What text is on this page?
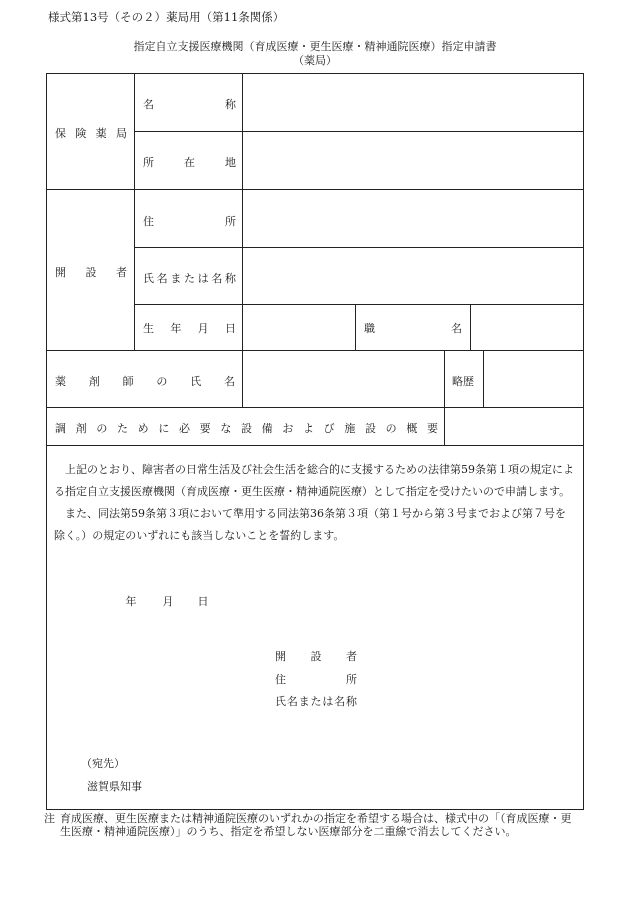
様式第13号（その２）薬局用（第11条関係）
指定自立支援医療機関（育成医療・更生医療・精神通院医療）指定申請書
（薬局）
保険薬局
名称
所在地
開設者
住所
氏名または名称
生年月日	職名
薬剤師の氏名	略歴
調剤のために必要な設備および施設の概要
年	月	日
開設者
住所
氏名または名称
（宛先）
滋賀県知事

上記のとおり、障害者の日常生活及び社会生活を総合的に支援するための法律第59条第１項の規定による指定自立支援医療機関（育成医療・更生医療・精神通院医療）として指定を受けたいので申請します。

また、同法第59条第３項において準用する同法第36条第３項（第１号から第３号までおよび第７号を除く。）の規定のいずれにも該当しないことを誓約します。

注 育成医療、更生医療または精神通院医療のいずれかの指定を希望する場合は、様式中の「（育成医療・更生医療・精神通院医療）」のうち、指定を希望しない医療部分を二重線で消去してください。
